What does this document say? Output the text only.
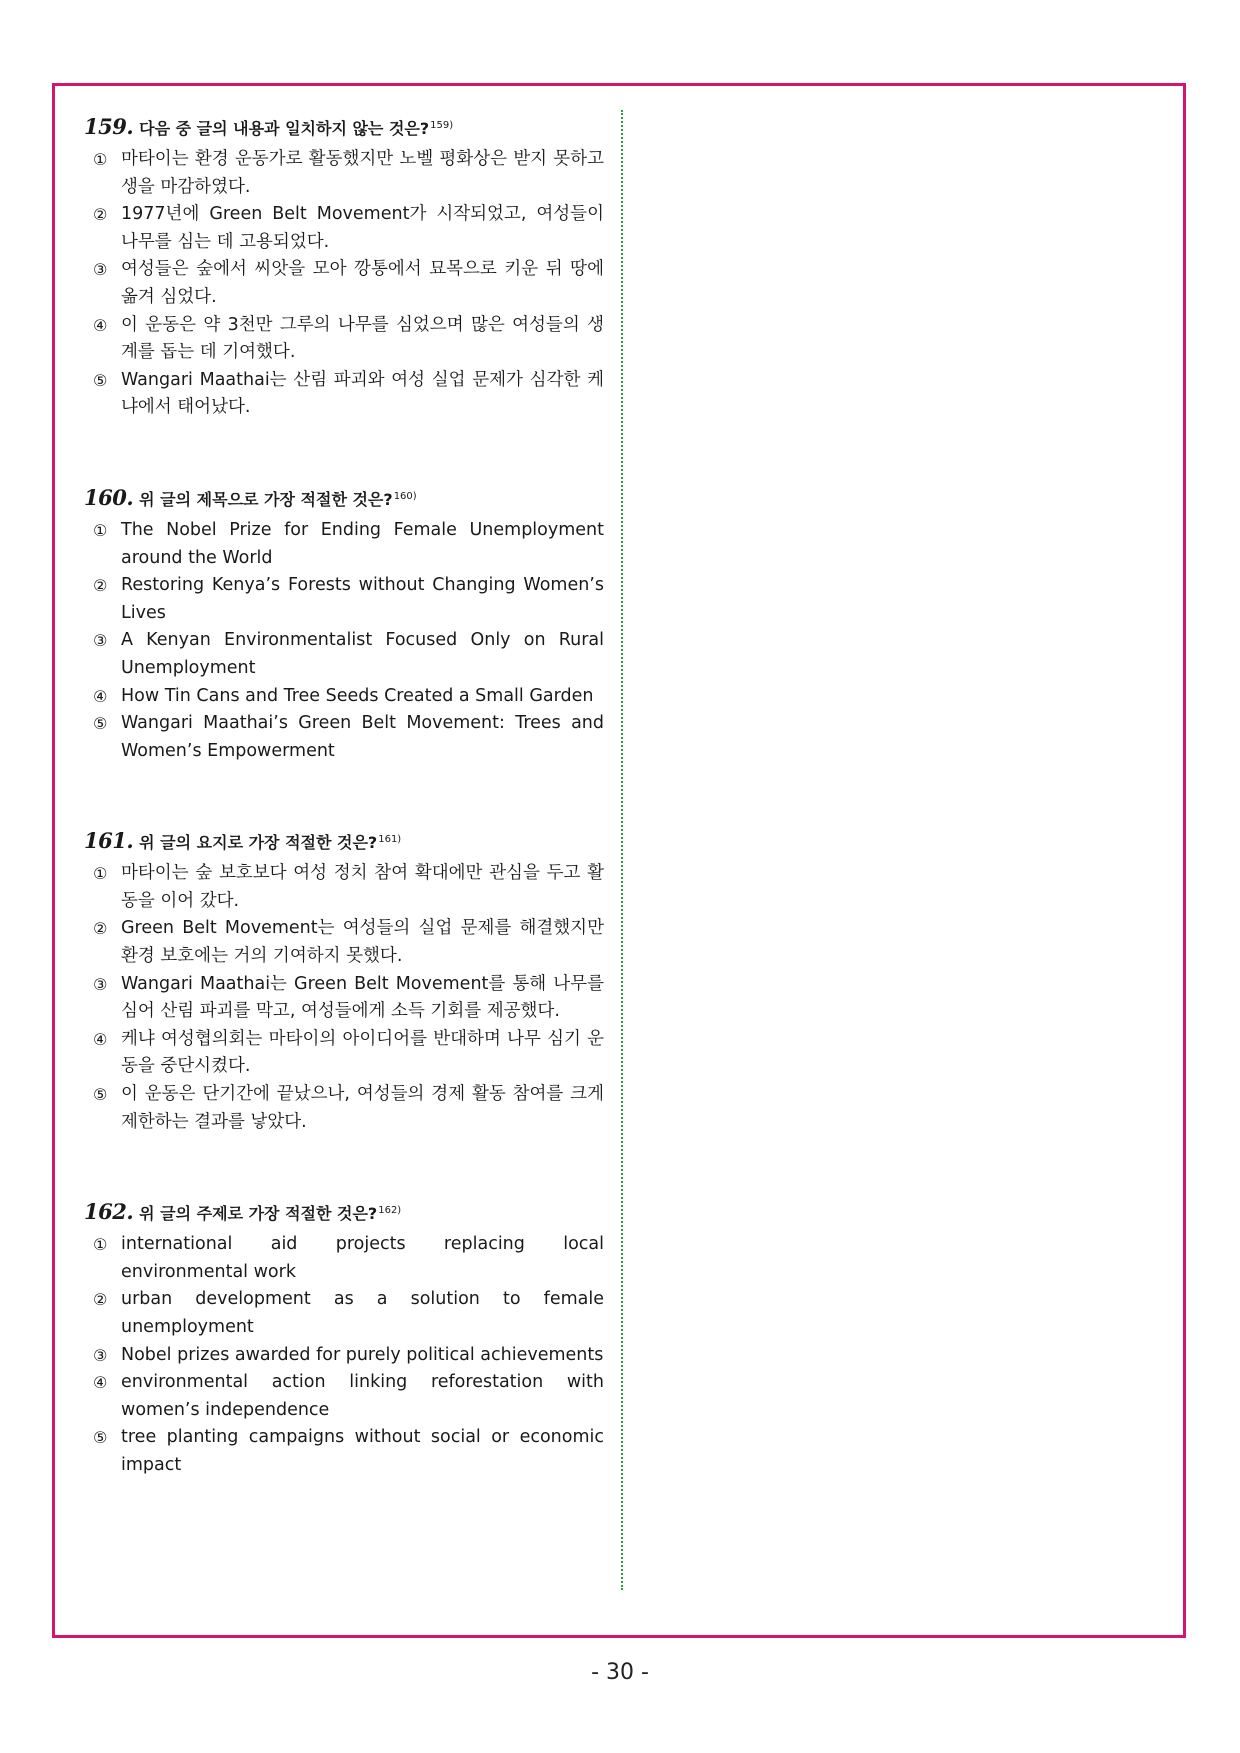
159. 다음 중 글의 내용과 일치하지 않는 것은? 159)
① 마타이는 환경 운동가로 활동했지만 노벨 평화상은 받지 못하고 생을 마감하였다.
② 1977년에 Green Belt Movement가 시작되었고, 여성들이 나무를 심는 데 고용되었다.
③ 여성들은 숲에서 씨앗을 모아 깡통에서 묘목으로 키운 뒤 땅에 옮겨 심었다.
④ 이 운동은 약 3천만 그루의 나무를 심었으며 많은 여성들의 생계를 돕는 데 기여했다.
⑤ Wangari Maathai는 산림 파괴와 여성 실업 문제가 심각한 케냐에서 태어났다.
160. 위 글의 제목으로 가장 적절한 것은? 160)
① The Nobel Prize for Ending Female Unemployment around the World
② Restoring Kenya’s Forests without Changing Women’s Lives
③ A Kenyan Environmentalist Focused Only on Rural Unemployment
④ How Tin Cans and Tree Seeds Created a Small Garden
⑤ Wangari Maathai’s Green Belt Movement: Trees and Women’s Empowerment
161. 위 글의 요지로 가장 적절한 것은? 161)
① 마타이는 숲 보호보다 여성 정치 참여 확대에만 관심을 두고 활동을 이어 갔다.
② Green Belt Movement는 여성들의 실업 문제를 해결했지만 환경 보호에는 거의 기여하지 못했다.
③ Wangari Maathai는 Green Belt Movement를 통해 나무를 심어 산림 파괴를 막고, 여성들에게 소득 기회를 제공했다.
④ 케냐 여성협의회는 마타이의 아이디어를 반대하며 나무 심기 운동을 중단시켰다.
⑤ 이 운동은 단기간에 끝났으나, 여성들의 경제 활동 참여를 크게 제한하는 결과를 낳았다.
162. 위 글의 주제로 가장 적절한 것은? 162)
① international aid projects replacing local environmental work
② urban development as a solution to female unemployment
③ Nobel prizes awarded for purely political achievements
④ environmental action linking reforestation with women’s independence
⑤ tree planting campaigns without social or economic impact
- 30 -
